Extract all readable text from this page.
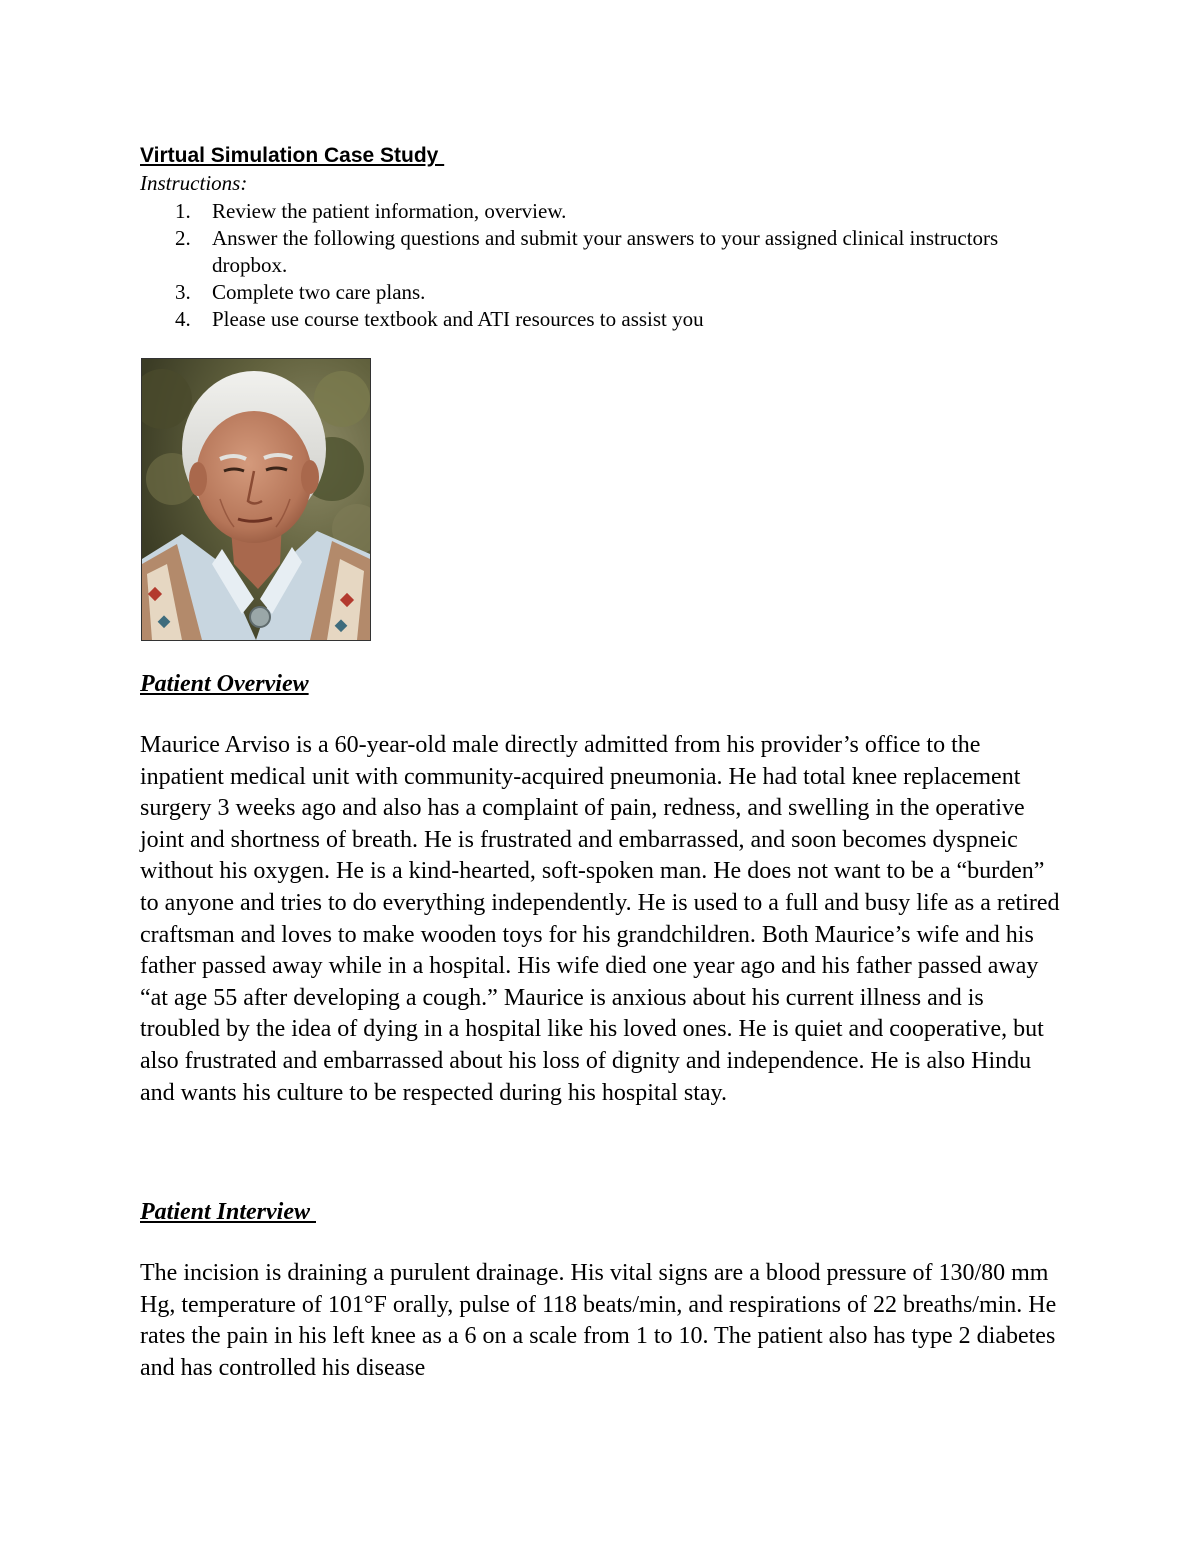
Virtual Simulation Case Study
Instructions:
1. Review the patient information, overview.
2. Answer the following questions and submit your answers to your assigned clinical instructors dropbox.
3. Complete two care plans.
4. Please use course textbook and ATI resources to assist you
Patient Overview

Maurice Arviso is a 60-year-old male directly admitted from his provider’s office to the inpatient medical unit with community-acquired pneumonia. He had total knee replacement surgery 3 weeks ago and also has a complaint of pain, redness, and swelling in the operative joint and shortness of breath. He is frustrated and embarrassed, and soon becomes dyspneic without his oxygen. He is a kind-hearted, soft-spoken man. He does not want to be a “burden” to anyone and tries to do everything independently. He is used to a full and busy life as a retired craftsman and loves to make wooden toys for his grandchildren. Both Maurice’s wife and his father passed away while in a hospital. His wife died one year ago and his father passed away “at age 55 after developing a cough.” Maurice is anxious about his current illness and is troubled by the idea of dying in a hospital like his loved ones. He is quiet and cooperative, but also frustrated and embarrassed about his loss of dignity and independence. He is also Hindu and wants his culture to be respected during his hospital stay.

Patient Interview

The incision is draining a purulent drainage. His vital signs are a blood pressure of 130/80 mm Hg, temperature of 101°F orally, pulse of 118 beats/min, and respirations of 22 breaths/min. He rates the pain in his left knee as a 6 on a scale from 1 to 10. The patient also has type 2 diabetes and has controlled his disease
